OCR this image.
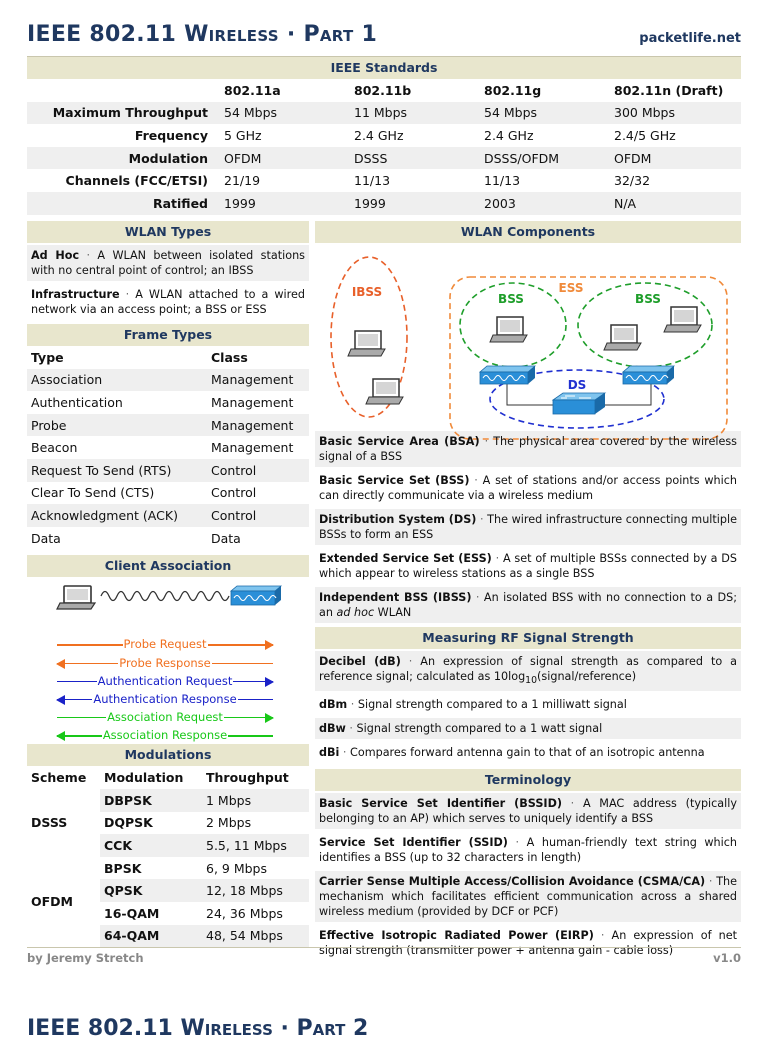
IEEE 802.11 Wireless · Part 1	packetlife.net
IEEE Standards
	802.11a	802.11b	802.11g	802.11n (Draft)
Maximum Throughput	54 Mbps	11 Mbps	54 Mbps	300 Mbps
Frequency	5 GHz	2.4 GHz	2.4 GHz	2.4/5 GHz
Modulation	OFDM	DSSS	DSSS/OFDM	OFDM
Channels (FCC/ETSI)	21/19	11/13	11/13	32/32
Ratified	1999	1999	2003	N/A
WLAN Types
Ad Hoc · A WLAN between isolated stations with no central point of control; an IBSS
Infrastructure · A WLAN attached to a wired network via an access point; a BSS or ESS
Frame Types
Type	Class
Association	Management
Authentication	Management
Probe	Management
Beacon	Management
Request To Send (RTS)	Control
Clear To Send (CTS)	Control
Acknowledgment (ACK)	Control
Data	Data
Client Association
Probe Request
Probe Response
Authentication Request
Authentication Response
Association Request
Association Response
Modulations
Scheme	Modulation	Throughput
DSSS	DBPSK	1 Mbps
	DQPSK	2 Mbps
	CCK	5.5, 11 Mbps
OFDM	BPSK	6, 9 Mbps
	QPSK	12, 18 Mbps
	16-QAM	24, 36 Mbps
	64-QAM	48, 54 Mbps
WLAN Components
IBSS	ESS
BSS	BSS
DS
Basic Service Area (BSA) · The physical area covered by the wireless signal of a BSS
Basic Service Set (BSS) · A set of stations and/or access points which can directly communicate via a wireless medium
Distribution System (DS) · The wired infrastructure connecting multiple BSSs to form an ESS
Extended Service Set (ESS) · A set of multiple BSSs connected by a DS which appear to wireless stations as a single BSS
Independent BSS (IBSS) · An isolated BSS with no connection to a DS; an ad hoc WLAN
Measuring RF Signal Strength
Decibel (dB) · An expression of signal strength as compared to a reference signal; calculated as $10\log_{10}(signal/reference)$
dBm · Signal strength compared to a 1 milliwatt signal
dBw · Signal strength compared to a 1 watt signal
dBi · Compares forward antenna gain to that of an isotropic antenna
Terminology
Basic Service Set Identifier (BSSID) · A MAC address (typically belonging to an AP) which serves to uniquely identify a BSS
Service Set Identifier (SSID) · A human-friendly text string which identifies a BSS (up to 32 characters in length)
Carrier Sense Multiple Access/Collision Avoidance (CSMA/CA) · The mechanism which facilitates efficient communication across a shared wireless medium (provided by DCF or PCF)
Effective Isotropic Radiated Power (EIRP) · An expression of net signal strength (transmitter power + antenna gain - cable loss)
by Jeremy Stretch	v1.0
IEEE 802.11 Wireless · Part 2
